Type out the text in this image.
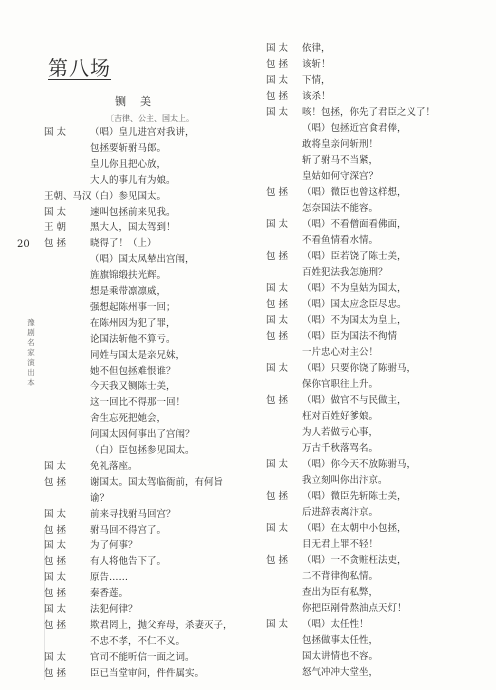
20
豫剧名家演出本
第八场
铡美
〔吉律、公主、国太上。
国 太	（唱）皇儿进宫对我讲，
包拯要斩驸马郎。
皇儿你且把心放，
大人的事儿有为娘。
王朝、马汉
（白）参见国太。
国 太	速叫包拯前来见我。
王 朝	黑大人，国太驾到！
包 拯	晓得了！（上）
（唱）国太凤辇出宫闱，
旌旗锦缎扶光辉。
想是乘带凛凛威，
强想起陈州事一回；
在陈州因为犯了罪，
论国法斩他不算亏。
同姓与国太是亲兄妹，
她不但包拯难恨谁？
今天我又铡陈士美，
这一回比不得那一回！
舍生忘死把她会，
问国太因何事出了宫闱？
（白）臣包拯参见国太。
国 太	免礼落座。
包 拯	谢国太。国太驾临衙前，有何旨
谕？
国 太	前来寻找驸马回宫？
包 拯	驸马回不得宫了。
国 太	为了何事？
包 拯	有人将他告下了。
国 太	原告……
包 拯	秦香莲。
国 太	法犯何律？
包 拯	欺君罔上，抛父弃母，杀妻灭子，
不忠不孝，不仁不义。
国 太	官司不能听信一面之词。
包 拯	臣已当堂审问，件件属实。
国 太	依律，
包 拯	该斩！
国 太	下情，
包 拯	该杀！
国 太	咳！包拯，你先了君臣之义了！
（唱）包拯近宫食君俸，
敢将皇亲问斩刑！
斩了驸马不当紧，
皇姑如何守深宫？
包 拯	（唱）微臣也曾这样想，
怎奈国法不能容。
国 太	（唱）不看僧面看佛面，
不看鱼情看水情。
包 拯	（唱）臣若饶了陈士美，
百姓犯法我怎施刑？
国 太	（唱）不为皇姑为国太，
包 拯	（唱）国太应念臣尽忠。
国 太	（唱）不为国太为皇上，
包 拯	（唱）臣为国法不徇情
一片忠心对主公！
国 太	（唱）只要你饶了陈驸马，
保你官职往上升。
包 拯	（唱）做官不与民做主，
枉对百姓好爹娘。
为人若做亏心事，
万古千秋落骂名。
国 太	（唱）你今天不放陈驸马，
我立刻叫你出汴京。
包 拯	（唱）微臣先斩陈士美，
后进辞表离汴京。
国 太	（唱）在太朝中小包拯，
目无君上罪不轻！
包 拯	（唱）一不贪赃枉法吏，
二不背律徇私情。
查出为臣有私弊，
你把臣剐骨熬油点天灯！
国 太	（唱）太任性！
包拯做事太任性，
国太讲情也不容。
怒气冲冲大堂坐，
